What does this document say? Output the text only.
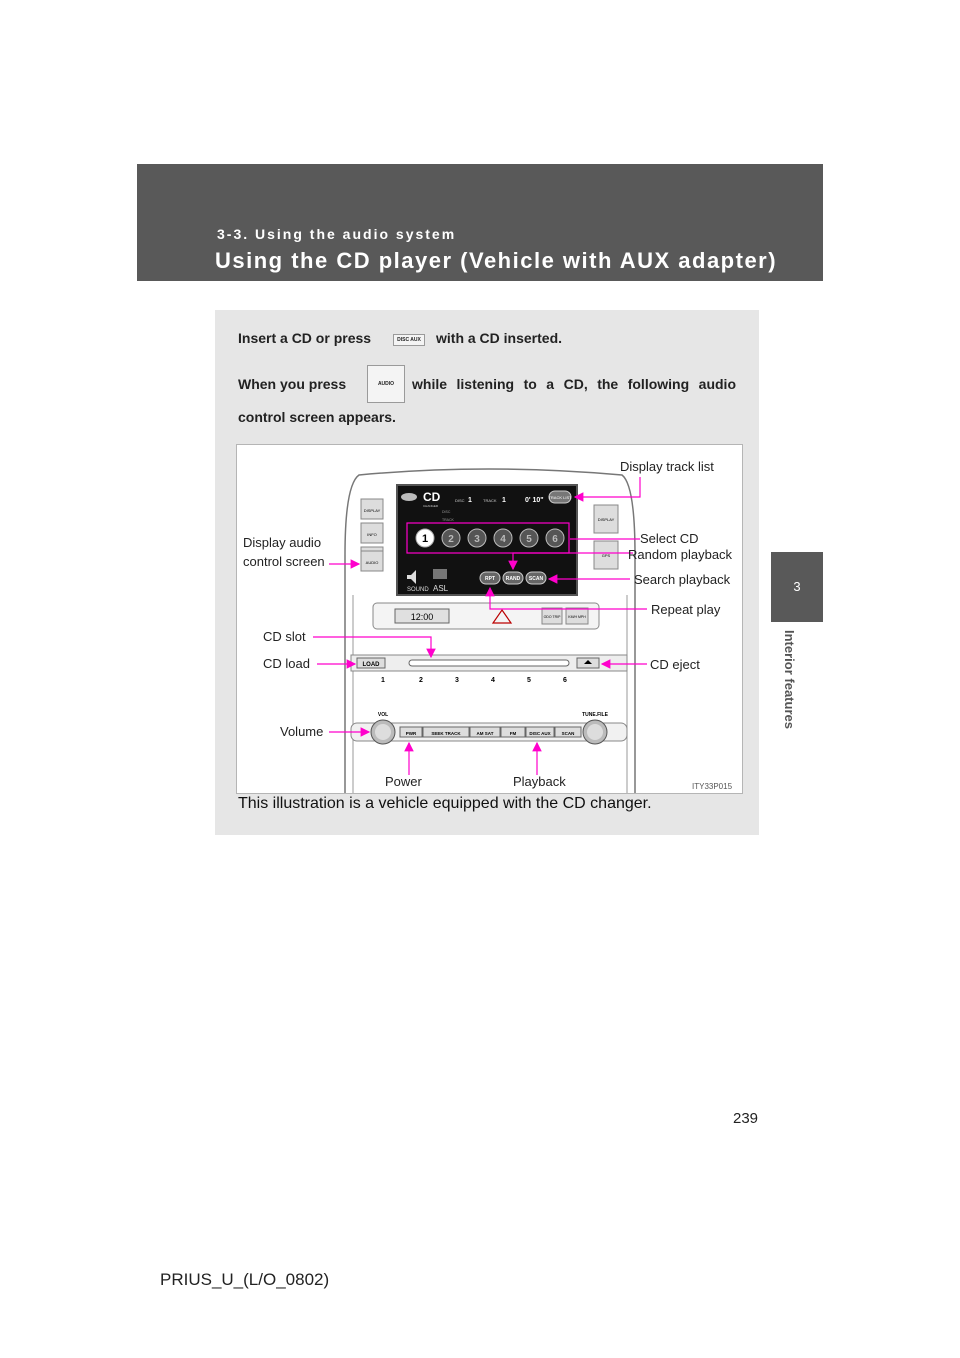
3-3. Using the audio system

Using the CD player (Vehicle with AUX adapter)

3
Interior features

Insert a CD or press	DISC AUX with a CD inserted.

When you press	AUDIO	while listening to a CD, the following audio

control screen appears.

DISPLAY
INFO
DISPLAY
GPS
CD
CHANGER
DISC 1	TRACK 1	0' 10" TRACK LIST
DISC
TRACK
1 2 3 4 5 6
SOUND ASL
RPT RAND SCAN
12:00	ODO TRIP KM/H MPH
LOAD
1	2	3	4	5	6
VOL	TUNE.FILE
PWR	SEEK TRACK	AM SAT	FM	DISC AUX SCAN
AUDIO
Display track list
Select CD
Random playback
Search playback
Repeat play
Display audio
control screen
CD slot
CD load	CD eject
Volume
Power	Playback	ITY33P015
This illustration is a vehicle equipped with the CD changer.
239
PRIUS_U_(L/O_0802)
